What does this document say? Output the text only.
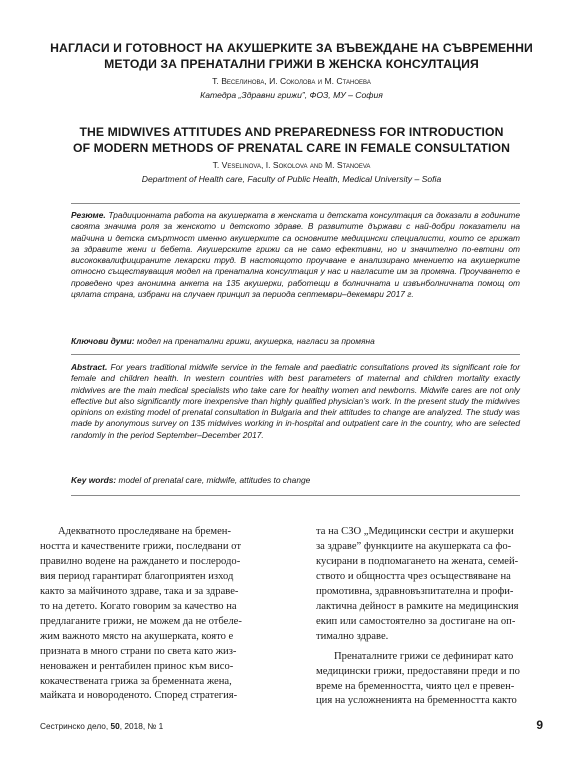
НАГЛАСИ И ГОТОВНОСТ НА АКУШЕРКИТЕ ЗА ВЪВЕЖДАНЕ НА СЪВРЕМЕННИ
МЕТОДИ ЗА ПРЕНАТАЛНИ ГРИЖИ В ЖЕНСКА КОНСУЛТАЦИЯ
Т. Веселинова, И. Соколова и М. Станоева
Катедра „Здравни грижи”, ФОЗ, МУ – София
THE MIDWIVES ATTITUDES AND PREPAREDNESS FOR INTRODUCTION
OF MODERN METHODS OF PRENATAL CARE IN FEMALE CONSULTATION
T. Veselinova, I. Sokolova and M. Stanoeva
Department of Health care, Faculty of Public Health, Medical University – Sofia
Резюме. Традиционната работа на акушерката в женската и детската консултация са доказали в годините своята значима роля за женското и детското здраве. В развитите държави с най-добри показатели на майчина и детска смъртност именно акушерките са основните медицински специалисти, които се грижат за здравите жени и бебета. Акушерските грижи са не само ефективни, но и значително по-евтини от висококвалифицираните лекарски труд. В настоящото проучване е анализирано мнението на акушерките относно съществуващия модел на пренатална консултация у нас и нагласите им за промяна. Проучването е проведено чрез анонимна анкета на 135 акушерки, работещи в болничната и извънболничната помощ от цялата страна, избрани на случаен принцип за периода септември–декември 2017 г.
Ключови думи: модел на пренатални грижи, акушерка, нагласи за промяна
Abstract. For years traditional midwife service in the female and paediatric consultations proved its significant role for female and children health. In western countries with best parameters of maternal and children mortality exactly midwives are the main medical specialists who take care for healthy women and newborns. Midwife cares are not only effective but also significantly more inexpensive than highly qualified physician’s work. In the present study the midwives opinions on existing model of prenatal consultation in Bulgaria and their attitudes to change are analyzed. The study was made by anonymous survey on 135 midwives working in in-hospital and outpatient care in the country, who are selected randomly in the period September–December 2017.
Key words: model of prenatal care, midwife, attitudes to change
Адекватното проследяване на бремен-
ността и качествените грижи, последвани от
правилно водене на раждането и послеродо-
вия период гарантират благоприятен изход
както за майчиното здраве, така и за здраве-
то на детето. Когато говорим за качество на
предлаганите грижи, не можем да не отбеле-
жим важното място на акушерката, която е
призната в много страни по света като жиз-
неноважен и рентабилен принос към висо-
кокачествената грижа за бременната жена,
майката и новороденото. Според стратегия-
та на СЗО „Медицински сестри и акушерки
за здраве” функциите на акушерката са фо-
кусирани в подпомагането на жената, семей-
ството и общността чрез осъществяване на
промотивна, здравновъзпитателна и профи-
лактична дейност в рамките на медицинския
екип или самостоятелно за достигане на оп-
тимално здраве.
Пренаталните грижи се дефинират като
медицински грижи, предоставяни преди и по
време на бременността, чиято цел е превен-
ция на усложненията на бременността както
Сестринско дело, 50, 2018, № 1	9
